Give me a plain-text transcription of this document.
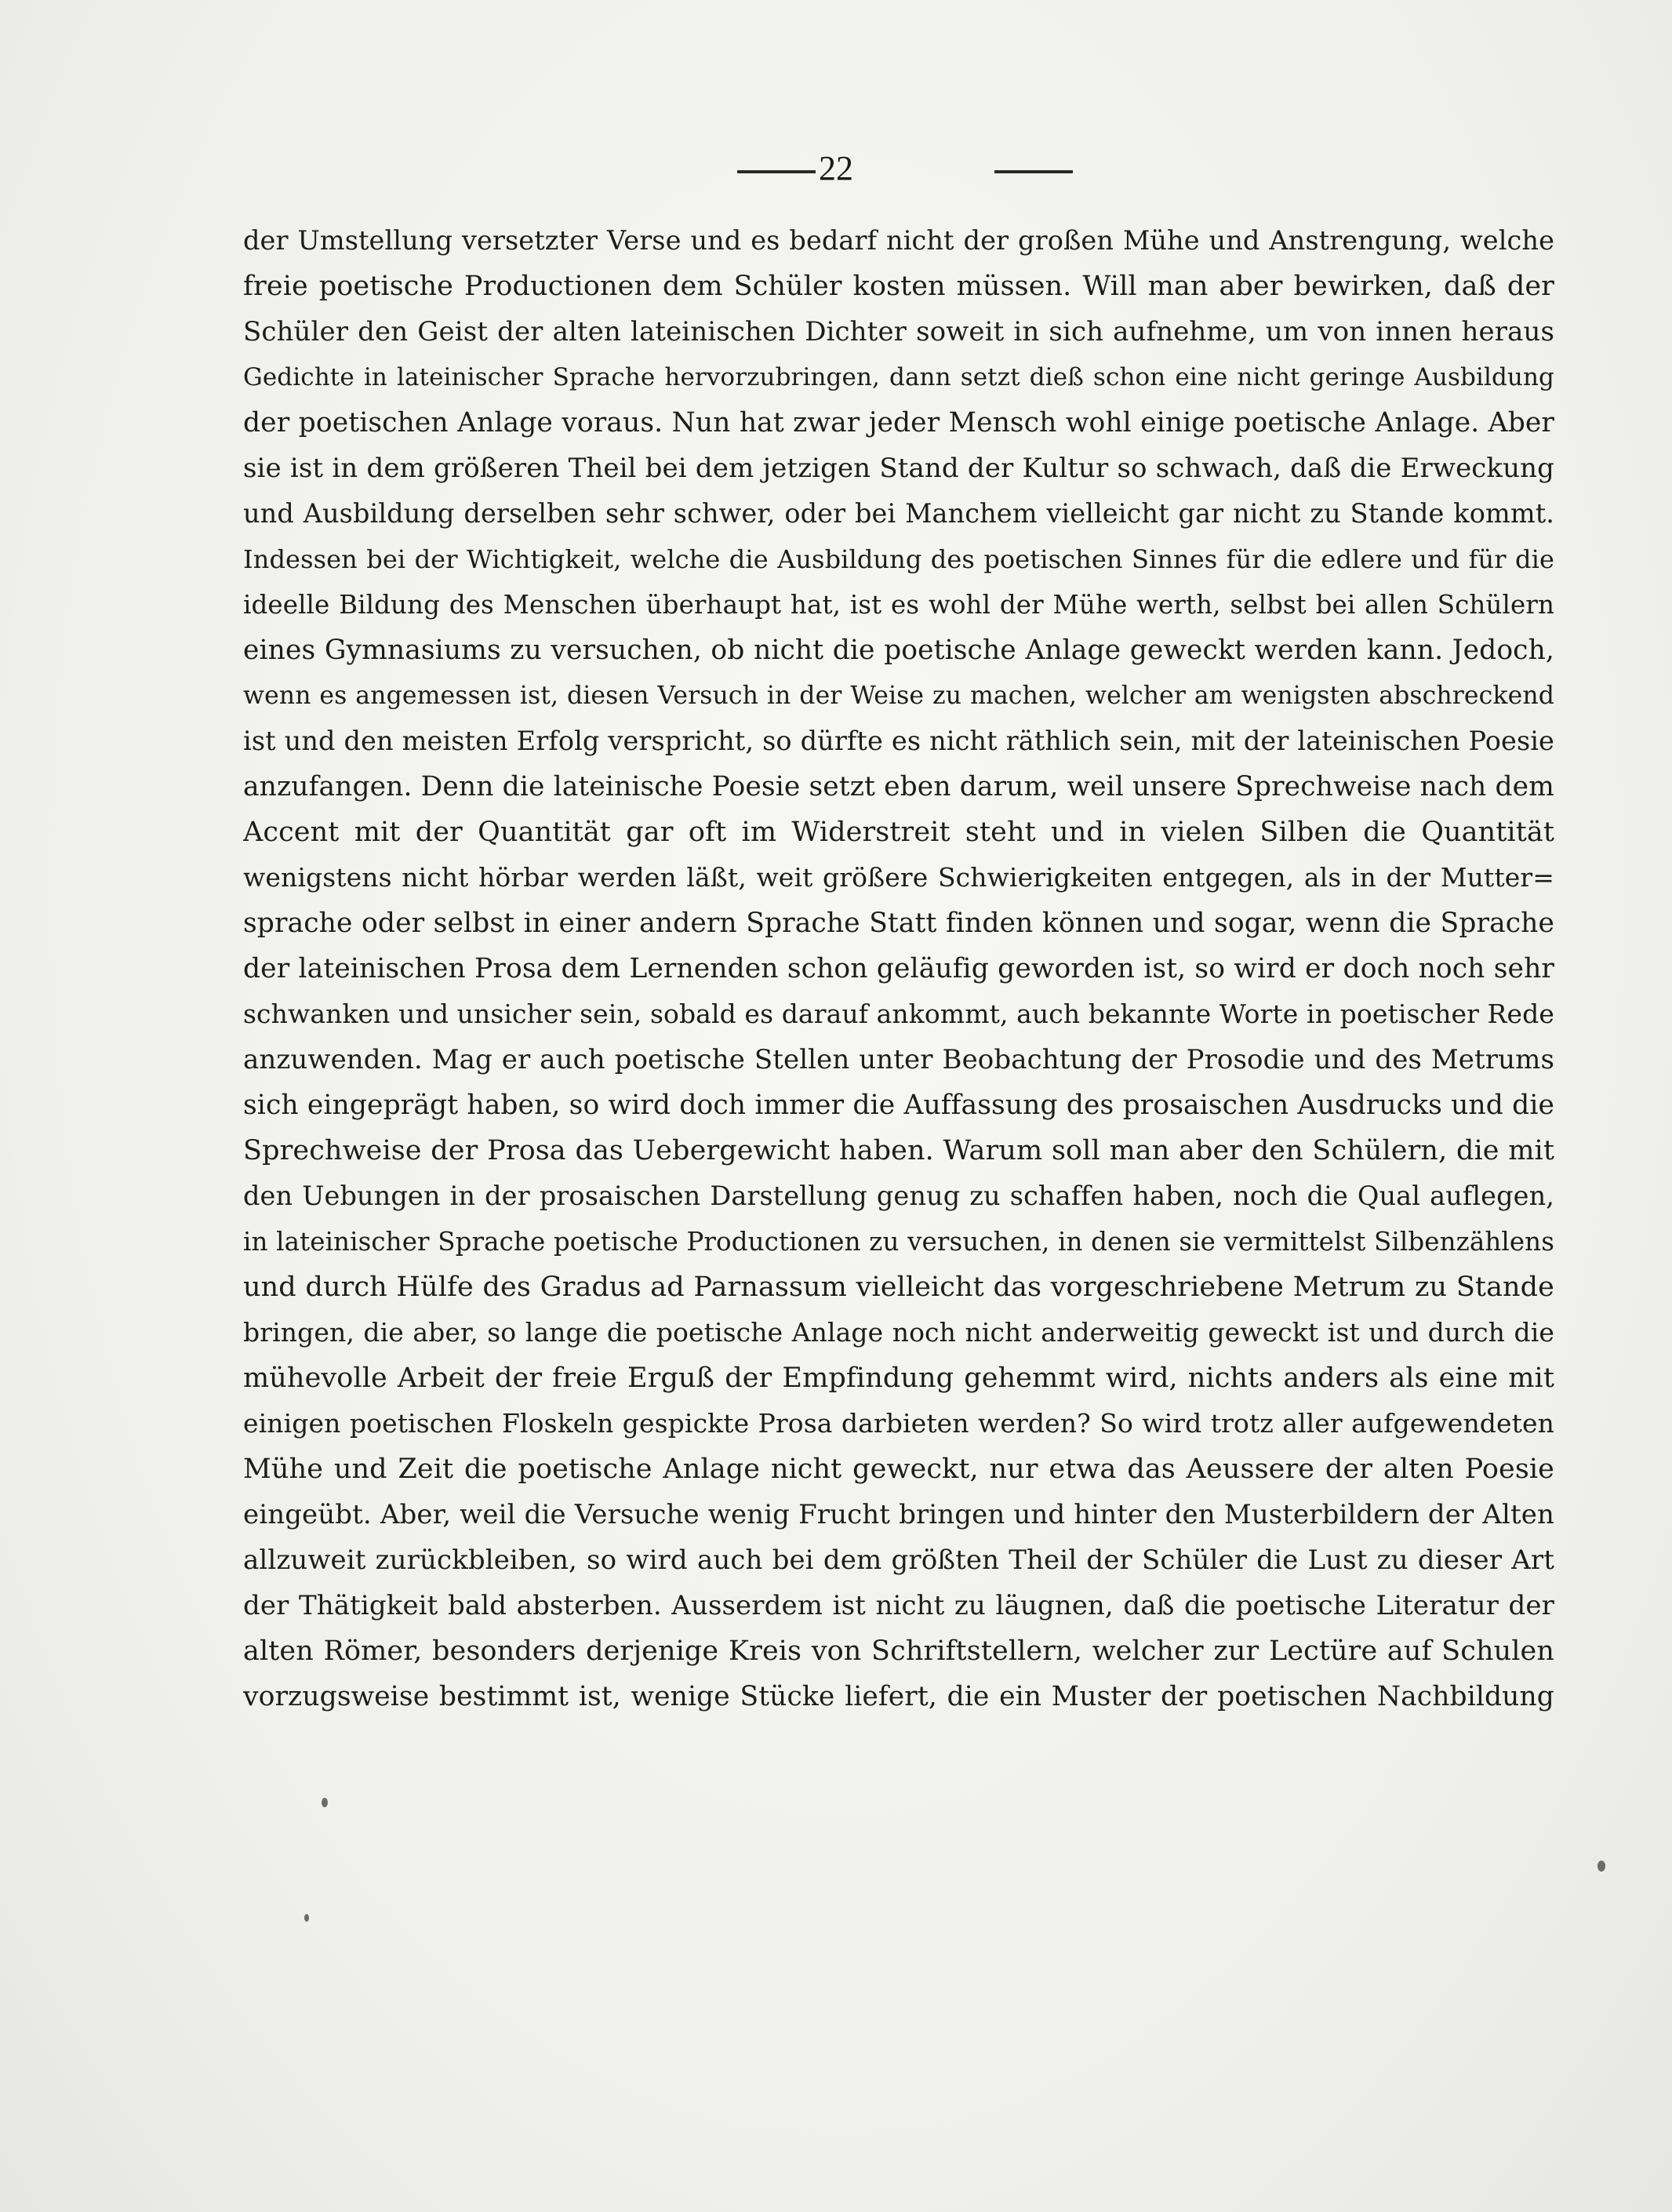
22
der Umstellung versetzter Verse und es bedarf nicht der großen Mühe und Anstrengung, welche
freie poetische Productionen dem Schüler kosten müssen. Will man aber bewirken, daß der
Schüler den Geist der alten lateinischen Dichter soweit in sich aufnehme, um von innen heraus
Gedichte in lateinischer Sprache hervorzubringen, dann setzt dieß schon eine nicht geringe Ausbildung
der poetischen Anlage voraus. Nun hat zwar jeder Mensch wohl einige poetische Anlage. Aber
sie ist in dem größeren Theil bei dem jetzigen Stand der Kultur so schwach, daß die Erweckung
und Ausbildung derselben sehr schwer, oder bei Manchem vielleicht gar nicht zu Stande kommt.
Indessen bei der Wichtigkeit, welche die Ausbildung des poetischen Sinnes für die edlere und für die
ideelle Bildung des Menschen überhaupt hat, ist es wohl der Mühe werth, selbst bei allen Schülern
eines Gymnasiums zu versuchen, ob nicht die poetische Anlage geweckt werden kann. Jedoch,
wenn es angemessen ist, diesen Versuch in der Weise zu machen, welcher am wenigsten abschreckend
ist und den meisten Erfolg verspricht, so dürfte es nicht räthlich sein, mit der lateinischen Poesie
anzufangen. Denn die lateinische Poesie setzt eben darum, weil unsere Sprechweise nach dem
Accent mit der Quantität gar oft im Widerstreit steht und in vielen Silben die Quantität
wenigstens nicht hörbar werden läßt, weit größere Schwierigkeiten entgegen, als in der Mutter=
sprache oder selbst in einer andern Sprache Statt finden können und sogar, wenn die Sprache
der lateinischen Prosa dem Lernenden schon geläufig geworden ist, so wird er doch noch sehr
schwanken und unsicher sein, sobald es darauf ankommt, auch bekannte Worte in poetischer Rede
anzuwenden. Mag er auch poetische Stellen unter Beobachtung der Prosodie und des Metrums
sich eingeprägt haben, so wird doch immer die Auffassung des prosaischen Ausdrucks und die
Sprechweise der Prosa das Uebergewicht haben. Warum soll man aber den Schülern, die mit
den Uebungen in der prosaischen Darstellung genug zu schaffen haben, noch die Qual auflegen,
in lateinischer Sprache poetische Productionen zu versuchen, in denen sie vermittelst Silbenzählens
und durch Hülfe des Gradus ad Parnassum vielleicht das vorgeschriebene Metrum zu Stande
bringen, die aber, so lange die poetische Anlage noch nicht anderweitig geweckt ist und durch die
mühevolle Arbeit der freie Erguß der Empfindung gehemmt wird, nichts anders als eine mit
einigen poetischen Floskeln gespickte Prosa darbieten werden? So wird trotz aller aufgewendeten
Mühe und Zeit die poetische Anlage nicht geweckt, nur etwa das Aeussere der alten Poesie
eingeübt. Aber, weil die Versuche wenig Frucht bringen und hinter den Musterbildern der Alten
allzuweit zurückbleiben, so wird auch bei dem größten Theil der Schüler die Lust zu dieser Art
der Thätigkeit bald absterben. Ausserdem ist nicht zu läugnen, daß die poetische Literatur der
alten Römer, besonders derjenige Kreis von Schriftstellern, welcher zur Lectüre auf Schulen
vorzugsweise bestimmt ist, wenige Stücke liefert, die ein Muster der poetischen Nachbildung
